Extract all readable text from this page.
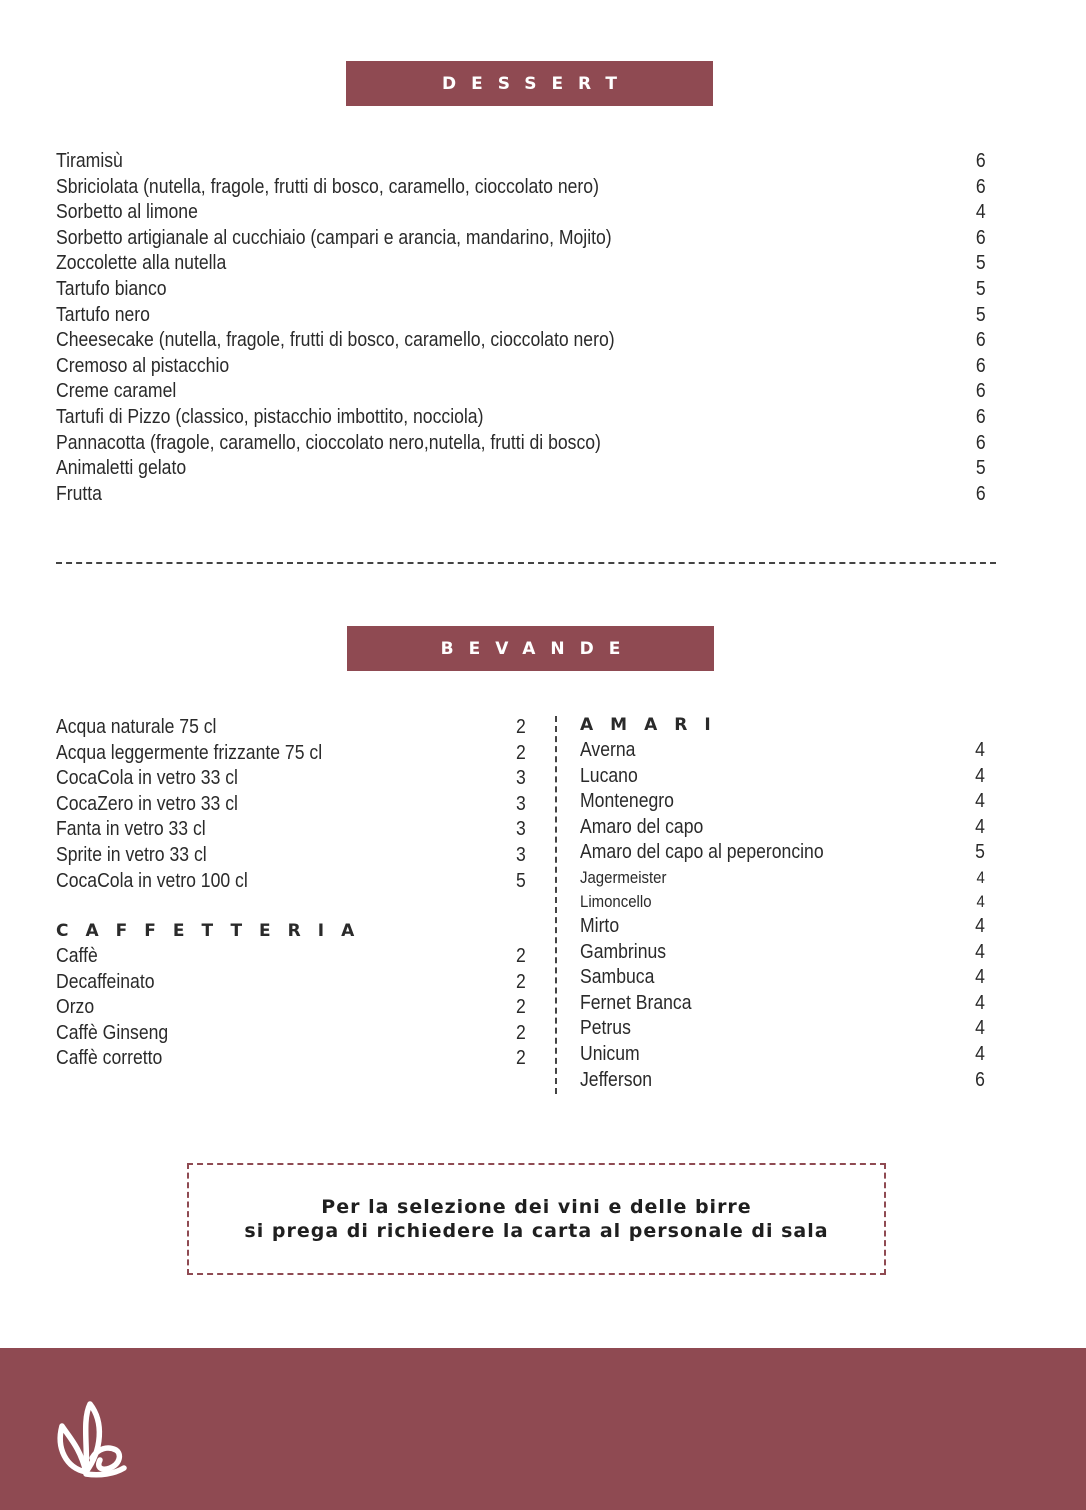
DESSERT
Tiramisù	6
Sbriciolata (nutella, fragole, frutti di bosco, caramello, cioccolato nero)	6
Sorbetto al limone	4
Sorbetto artigianale al cucchiaio (campari e arancia, mandarino, Mojito)	6
Zoccolette alla nutella	5
Tartufo bianco	5
Tartufo nero	5
Cheesecake (nutella, fragole, frutti di bosco, caramello, cioccolato nero)	6
Cremoso al pistacchio	6
Creme caramel	6
Tartufi di Pizzo (classico, pistacchio imbottito, nocciola)	6
Pannacotta (fragole, caramello, cioccolato nero,nutella, frutti di bosco)	6
Animaletti gelato	5
Frutta	6
BEVANDE
Acqua naturale 75 cl	2
Acqua leggermente frizzante 75 cl	2
CocaCola in vetro 33 cl	3
CocaZero in vetro 33 cl	3
Fanta in vetro 33 cl	3
Sprite in vetro 33 cl	3
CocaCola in vetro 100 cl	5
CAFFETTERIA
Caffè	2
Decaffeinato	2
Orzo	2
Caffè Ginseng	2
Caffè corretto	2
AMARI
Averna	4
Lucano	4
Montenegro	4
Amaro del capo	4
Amaro del capo al peperoncino	5
Jagermeister	4
Limoncello	4
Mirto	4
Gambrinus	4
Sambuca	4
Fernet Branca	4
Petrus	4
Unicum	4
Jefferson	6
Per la selezione dei vini e delle birre
si prega di richiedere la carta al personale di sala
